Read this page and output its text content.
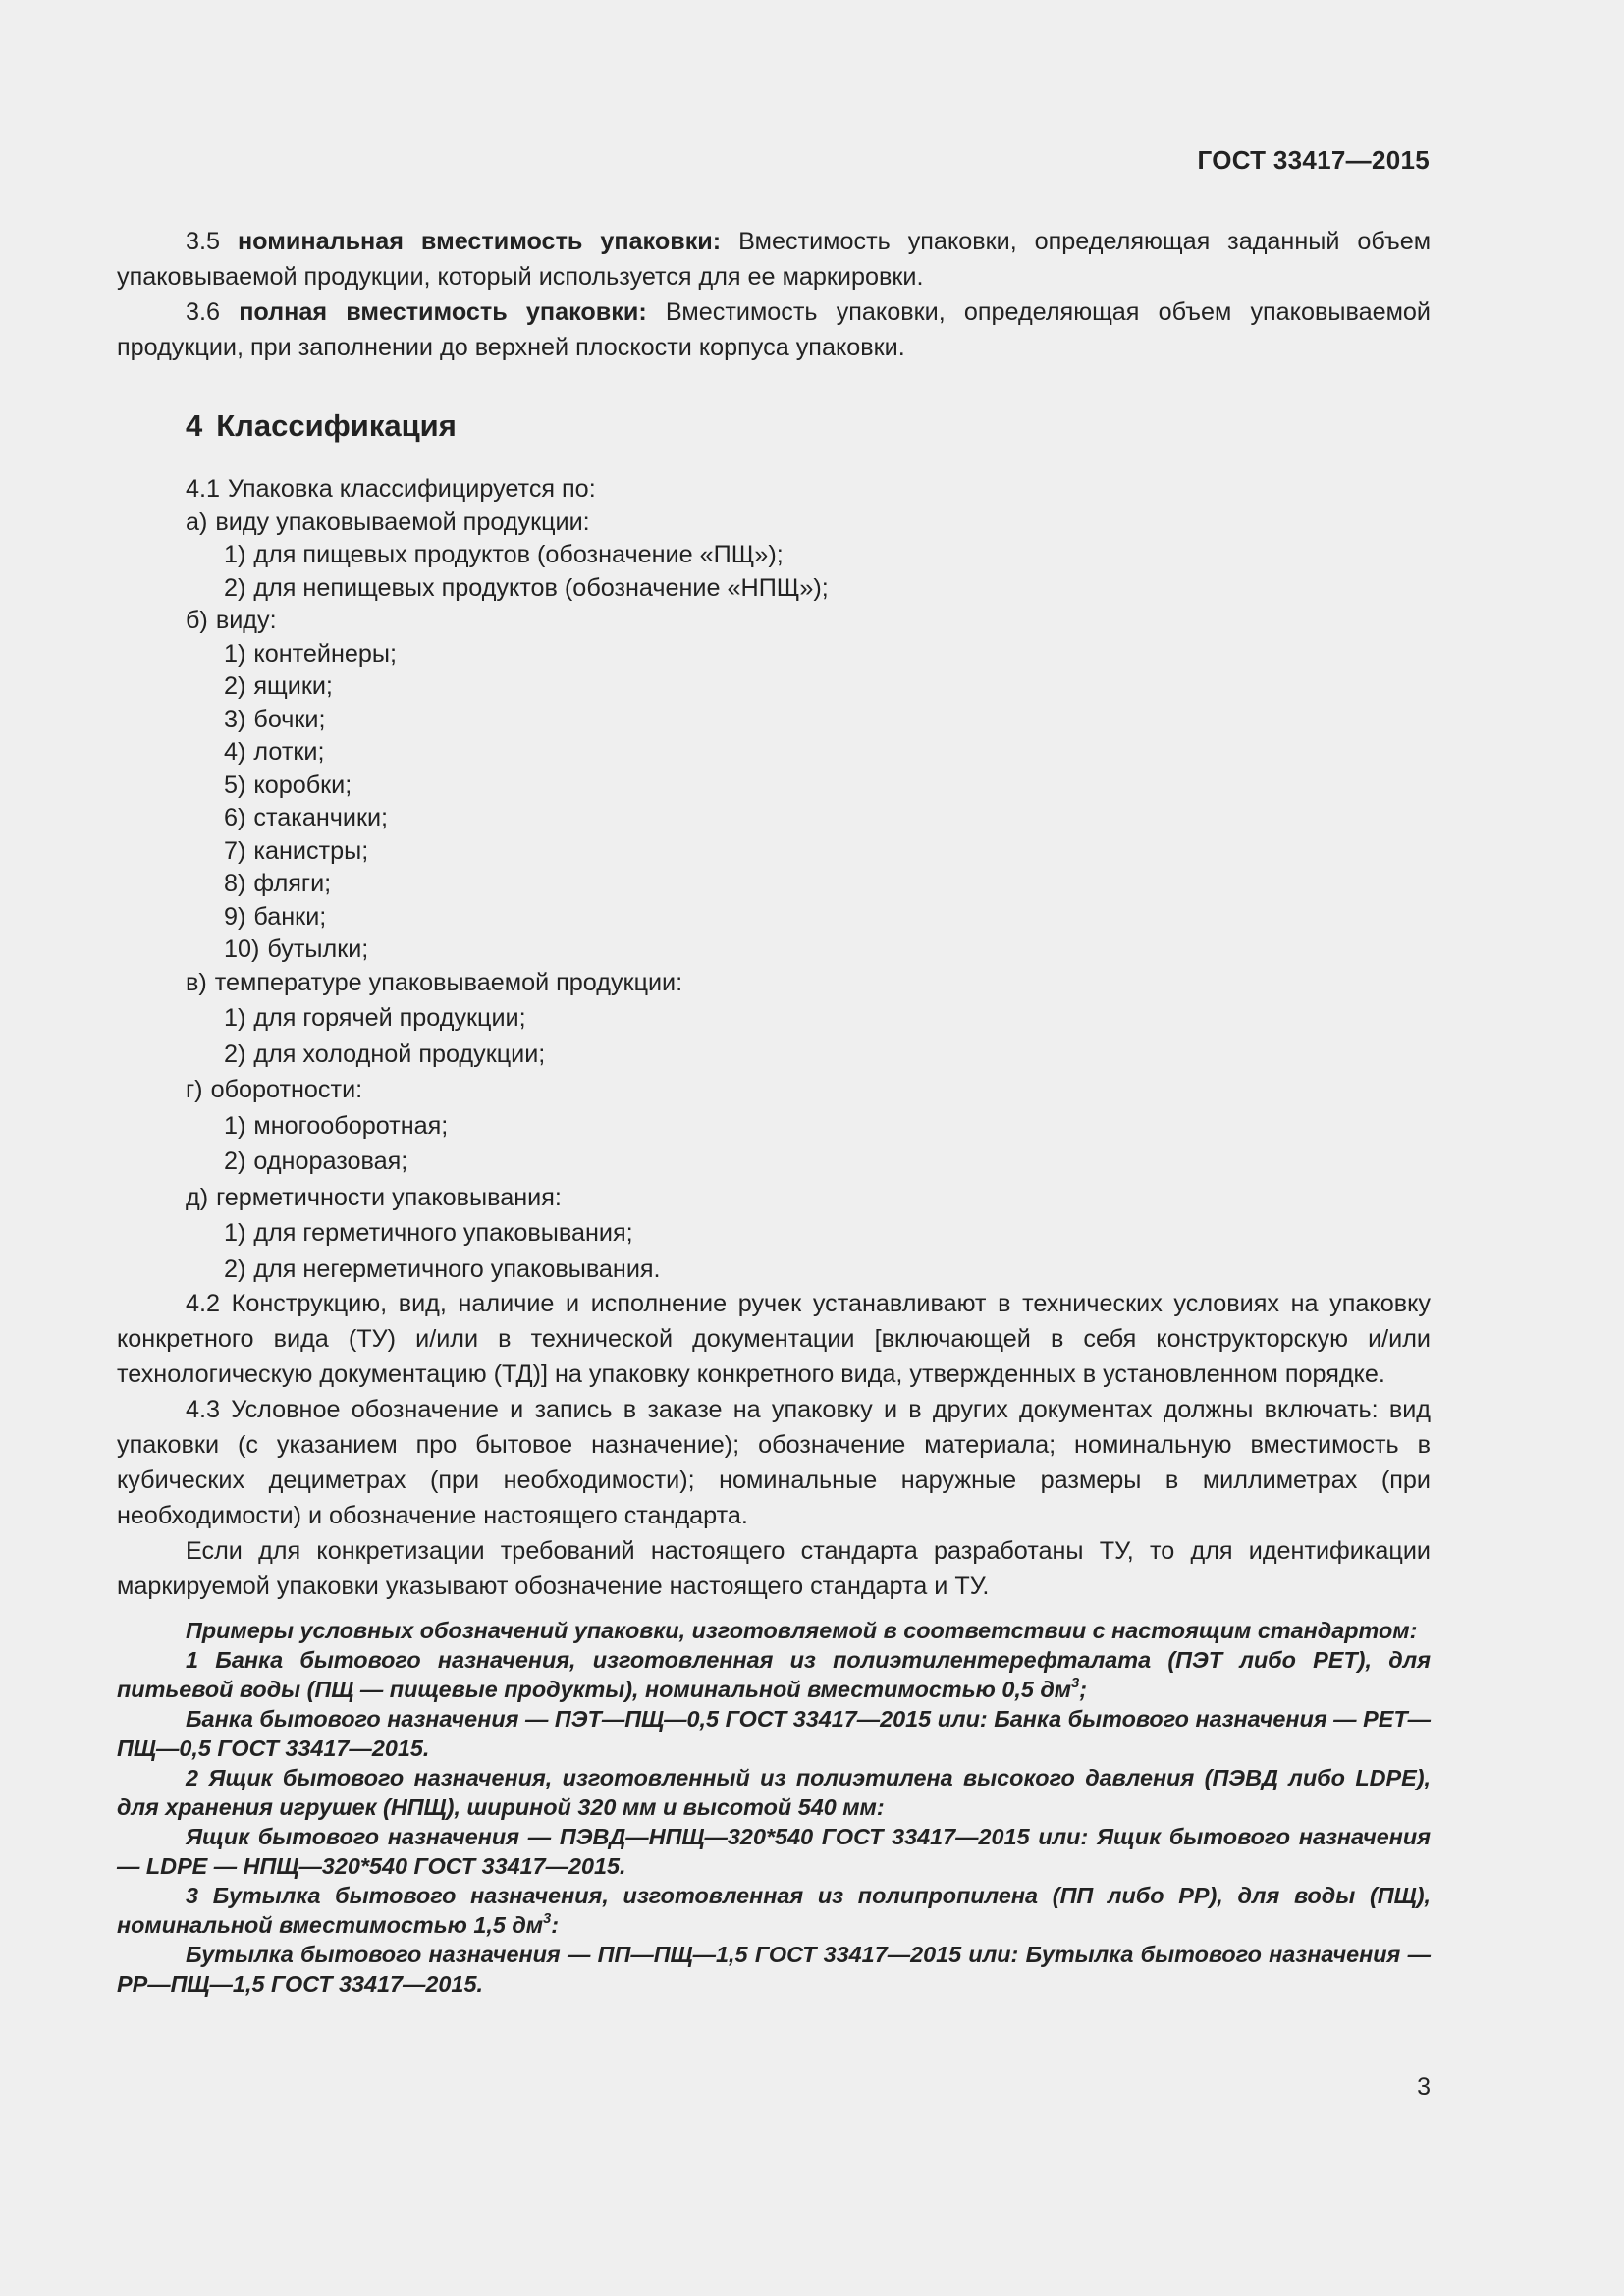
ГОСТ 33417—2015

3.5 номинальная вместимость упаковки: Вместимость упаковки, определяющая заданный объем упаковываемой продукции, который используется для ее маркировки.

3.6 полная вместимость упаковки: Вместимость упаковки, определяющая объем упаковываемой продукции, при заполнении до верхней плоскости корпуса упаковки.

4 Классификация

4.1 Упаковка классифицируется по:

а) виду упаковываемой продукции:

1) для пищевых продуктов (обозначение «ПЩ»);

2) для непищевых продуктов (обозначение «НПЩ»);

б) виду:

1) контейнеры;

2) ящики;

3) бочки;

4) лотки;

5) коробки;

6) стаканчики;

7) канистры;

8) фляги;

9) банки;

10) бутылки;

в) температуре упаковываемой продукции:

1) для горячей продукции;

2) для холодной продукции;

г) оборотности:

1) многооборотная;

2) одноразовая;

д) герметичности упаковывания:

1) для герметичного упаковывания;

2) для негерметичного упаковывания.

4.2 Конструкцию, вид, наличие и исполнение ручек устанавливают в технических условиях на упаковку конкретного вида (ТУ) и/или в технической документации [включающей в себя конструкторскую и/или технологическую документацию (ТД)] на упаковку конкретного вида, утвержденных в установленном порядке.

4.3 Условное обозначение и запись в заказе на упаковку и в других документах должны включать: вид упаковки (с указанием про бытовое назначение); обозначение материала; номинальную вместимость в кубических дециметрах (при необходимости); номинальные наружные размеры в миллиметрах (при необходимости) и обозначение настоящего стандарта.

Если для конкретизации требований настоящего стандарта разработаны ТУ, то для идентификации маркируемой упаковки указывают обозначение настоящего стандарта и ТУ.

Примеры условных обозначений упаковки, изготовляемой в соответствии с настоящим стандартом:

1 Банка бытового назначения, изготовленная из полиэтилентерефталата (ПЭТ либо PET), для питьевой воды (ПЩ — пищевые продукты), номинальной вместимостью 0,5 $дм^3$;

Банка бытового назначения — ПЭТ—ПЩ—0,5 ГОСТ 33417—2015 или: Банка бытового назначения — PET—ПЩ—0,5 ГОСТ 33417—2015.

2 Ящик бытового назначения, изготовленный из полиэтилена высокого давления (ПЭВД либо LDPE), для хранения игрушек (НПЩ), шириной 320 мм и высотой 540 мм:

Ящик бытового назначения — ПЭВД—НПЩ—320*540 ГОСТ 33417—2015 или: Ящик бытового назначения — LDPE — НПЩ—320*540 ГОСТ 33417—2015.

3 Бутылка бытового назначения, изготовленная из полипропилена (ПП либо PP), для воды (ПЩ), номинальной вместимостью 1,5 $дм^3$:

Бутылка бытового назначения — ПП—ПЩ—1,5 ГОСТ 33417—2015 или: Бутылка бытового назначения — PP—ПЩ—1,5 ГОСТ 33417—2015.

3
